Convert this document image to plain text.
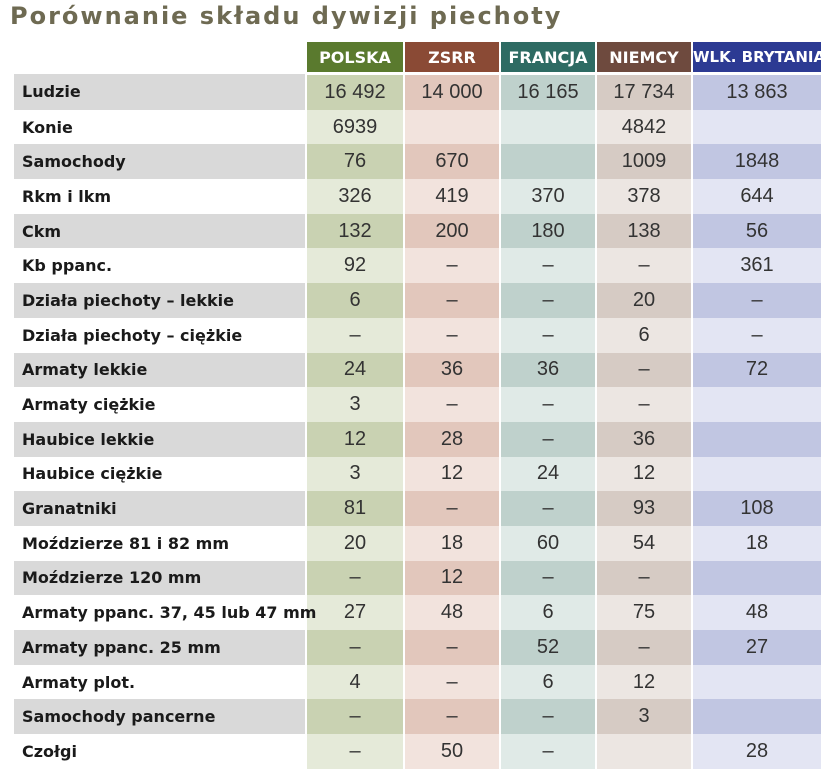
Porównanie składu dywizji piechoty
	POLSKA	ZSRR	FRANCJA	NIEMCY	WLK. BRYTANIA
Ludzie	16 492	14 000	16 165	17 734	13 863
Konie	6939			4842	
Samochody	76	670		1009	1848
Rkm i lkm	326	419	370	378	644
Ckm	132	200	180	138	56
Kb ppanc.	92	–	–	–	361
Działa piechoty – lekkie	6	–	–	20	–
Działa piechoty – ciężkie	–	–	–	6	–
Armaty lekkie	24	36	36	–	72
Armaty ciężkie	3	–	–	–	
Haubice lekkie	12	28	–	36	
Haubice ciężkie	3	12	24	12	
Granatniki	81	–	–	93	108
Moździerze 81 i 82 mm	20	18	60	54	18
Moździerze 120 mm	–	12	–	–	
Armaty ppanc. 37, 45 lub 47 mm	27	48	6	75	48
Armaty ppanc. 25 mm	–	–	52	–	27
Armaty plot.	4	–	6	12	
Samochody pancerne	–	–	–	3	
Czołgi	–	50	–		28
